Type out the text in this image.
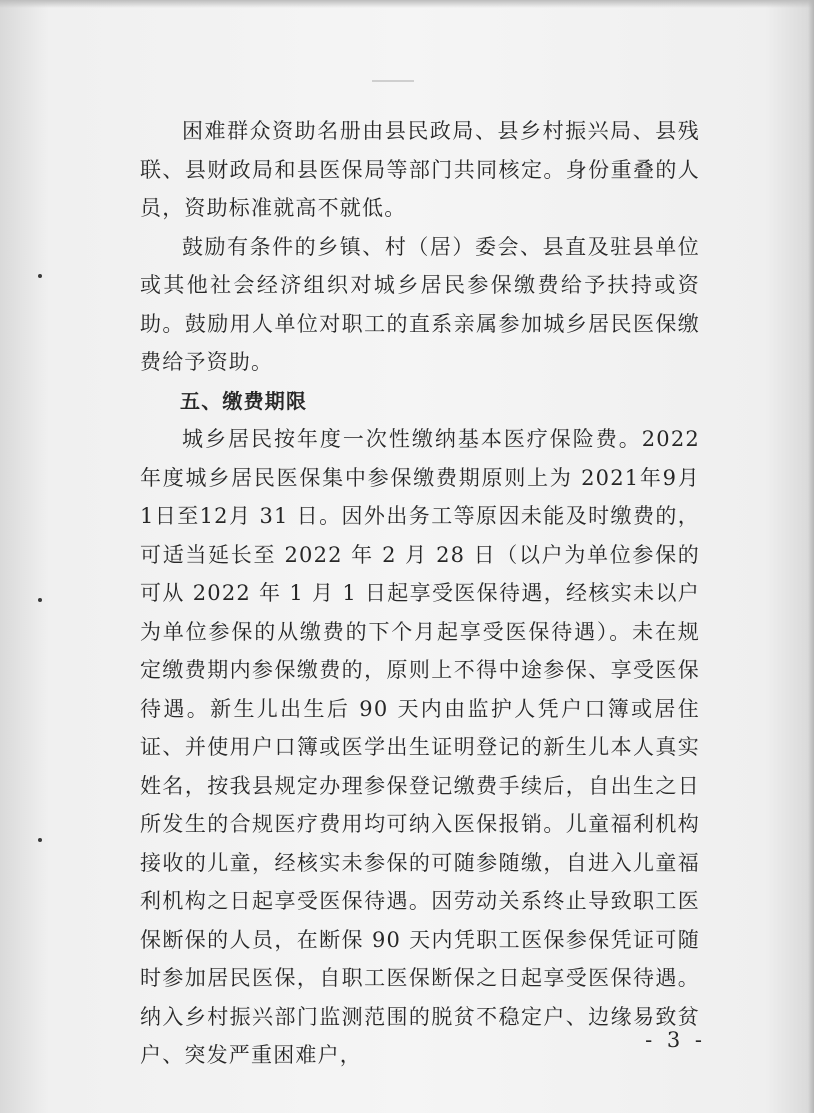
困难群众资助名册由县民政局、县乡村振兴局、县残联、县财政局和县医保局等部门共同核定。身份重叠的人员，资助标准就高不就低。

鼓励有条件的乡镇、村（居）委会、县直及驻县单位或其他社会经济组织对城乡居民参保缴费给予扶持或资助。鼓励用人单位对职工的直系亲属参加城乡居民医保缴费给予资助。

五、缴费期限

城乡居民按年度一次性缴纳基本医疗保险费。2022 年度城乡居民医保集中参保缴费期原则上为 2021年9月1日至12月 31 日。因外出务工等原因未能及时缴费的，可适当延长至 2022 年 2 月 28 日（以户为单位参保的可从 2022 年 1 月 1 日起享受医保待遇，经核实未以户为单位参保的从缴费的下个月起享受医保待遇）。未在规定缴费期内参保缴费的，原则上不得中途参保、享受医保待遇。新生儿出生后 90 天内由监护人凭户口簿或居住证、并使用户口簿或医学出生证明登记的新生儿本人真实姓名，按我县规定办理参保登记缴费手续后，自出生之日所发生的合规医疗费用均可纳入医保报销。儿童福利机构接收的儿童，经核实未参保的可随参随缴，自进入儿童福利机构之日起享受医保待遇。因劳动关系终止导致职工医保断保的人员，在断保 90 天内凭职工医保参保凭证可随时参加居民医保，自职工医保断保之日起享受医保待遇。纳入乡村振兴部门监测范围的脱贫不稳定户、边缘易致贫户、突发严重困难户，

- 3 -
